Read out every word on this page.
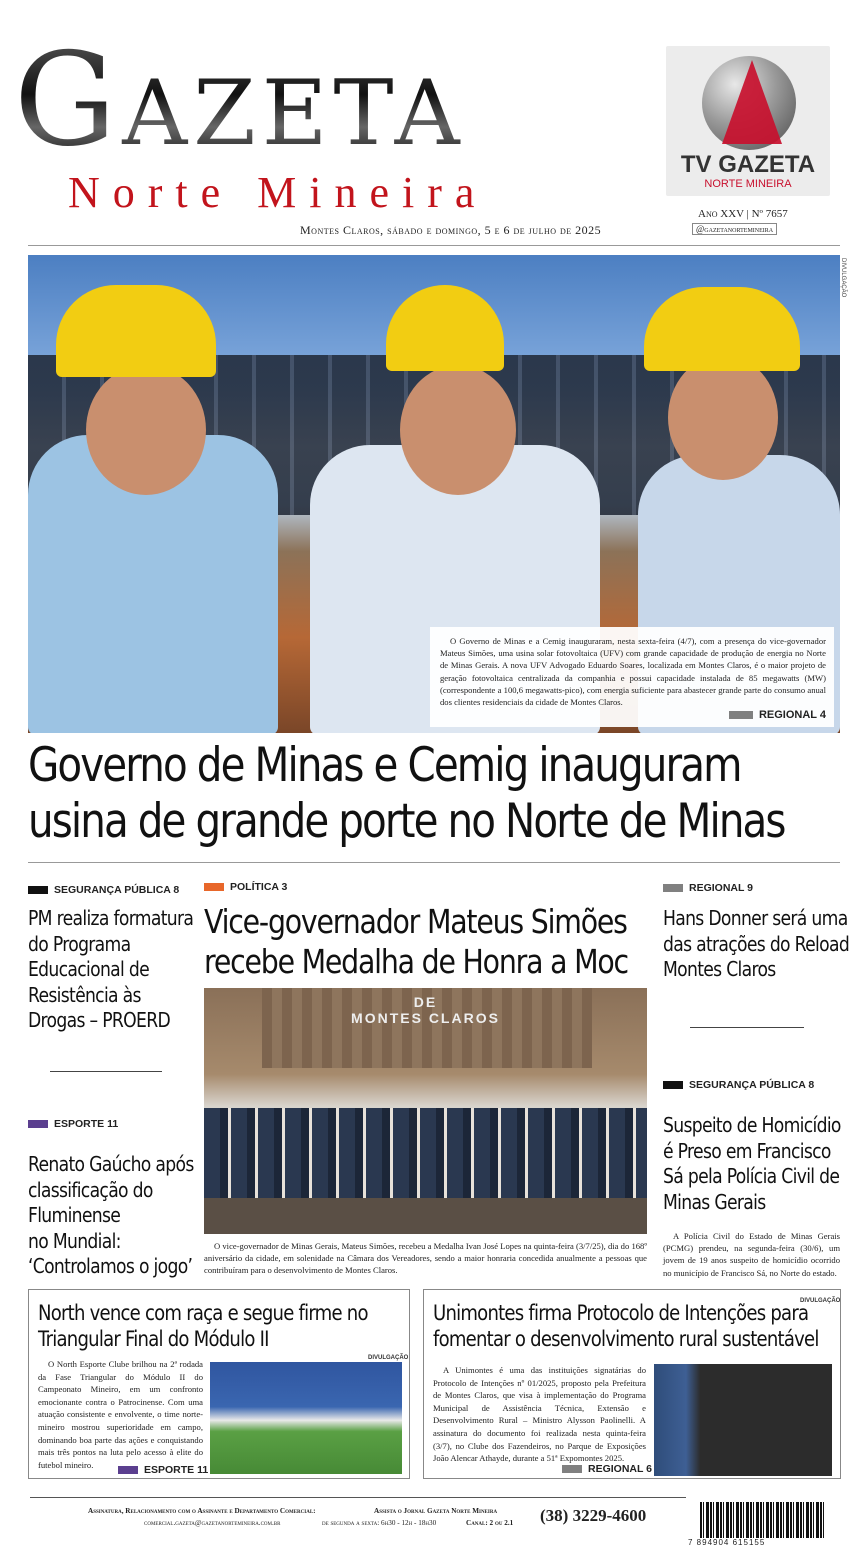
Gazeta
Norte Mineira
Montes Claros, sábado e domingo, 5 e 6 de julho de 2025
TV GAZETA
NORTE MINEIRA
Ano XXV | Nº 7657
@gazetanortemineira
DIVULGAÇÃO

O Governo de Minas e a Cemig inauguraram, nesta sexta-feira (4/7), com a presença do vice-governador Mateus Simões, uma usina solar fotovoltaica (UFV) com grande capacidade de produção de energia no Norte de Minas Gerais. A nova UFV Advogado Eduardo Soares, localizada em Montes Claros, é o maior projeto de geração fotovoltaica centralizada da companhia e possui capacidade instalada de 85 megawatts (MW) (correspondente a 100,6 megawatts-pico), com energia suficiente para abastecer grande parte do consumo anual dos clientes residenciais da cidade de Montes Claros.

REGIONAL 4
Governo de Minas e Cemig inauguram
usina de grande porte no Norte de Minas
SEGURANÇA PÚBLICA 8
PM realiza formatura
do Programa
Educacional de
Resistência às
Drogas – PROERD
ESPORTE 11
Renato Gaúcho após
classificação do
Fluminense
no Mundial:
‘Controlamos o jogo’
POLÍTICA 3
Vice-governador Mateus Simões
recebe Medalha de Honra a Moc
DE
MONTES CLAROS

O vice-governador de Minas Gerais, Mateus Simões, recebeu a Medalha Ivan José Lopes na quinta-feira (3/7/25), dia do 168º aniversário da cidade, em solenidade na Câmara dos Vereadores, sendo a maior honraria concedida anualmente a pessoas que contribuíram para o desenvolvimento de Montes Claros.

REGIONAL 9
Hans Donner será uma
das atrações do Reload
Montes Claros
SEGURANÇA PÚBLICA 8
Suspeito de Homicídio
é Preso em Francisco
Sá pela Polícia Civil de
Minas Gerais

A Polícia Civil do Estado de Minas Gerais (PCMG) prendeu, na segunda-feira (30/6), um jovem de 19 anos suspeito de homicídio ocorrido no município de Francisco Sá, no Norte do estado.

North vence com raça e segue firme no
Triangular Final do Módulo II

O North Esporte Clube brilhou na 2ª rodada da Fase Triangular do Módulo II do Campeonato Mineiro, em um confronto emocionante contra o Patrocinense. Com uma atuação consistente e envolvente, o time norte-mineiro mostrou superioridade em campo, dominando boa parte das ações e conquistando mais três pontos na luta pelo acesso à elite do futebol mineiro.

DIVULGAÇÃO
ESPORTE 11
Unimontes firma Protocolo de Intenções para
fomentar o desenvolvimento rural sustentável

A Unimontes é uma das instituições signatárias do Protocolo de Intenções nº 01/2025, proposto pela Prefeitura de Montes Claros, que visa à implementação do Programa Municipal de Assistência Técnica, Extensão e Desenvolvimento Rural – Ministro Alysson Paolinelli. A assinatura do documento foi realizada nesta quinta-feira (3/7), no Clube dos Fazendeiros, no Parque de Exposições João Alencar Athayde, durante a 51ª Expomontes 2025.

DIVULGAÇÃO
REGIONAL 6
Assinatura, Relacionamento com o Assinante e Departamento Comercial:	Assista o Jornal Gazeta Norte Mineira
comercial.gazeta@gazetanortemineira.com.br	de segunda a sexta: 6h30 - 12h - 18h30	Canal: 2 ou 2.1 (38) 3229-4600
7 894904 615155
